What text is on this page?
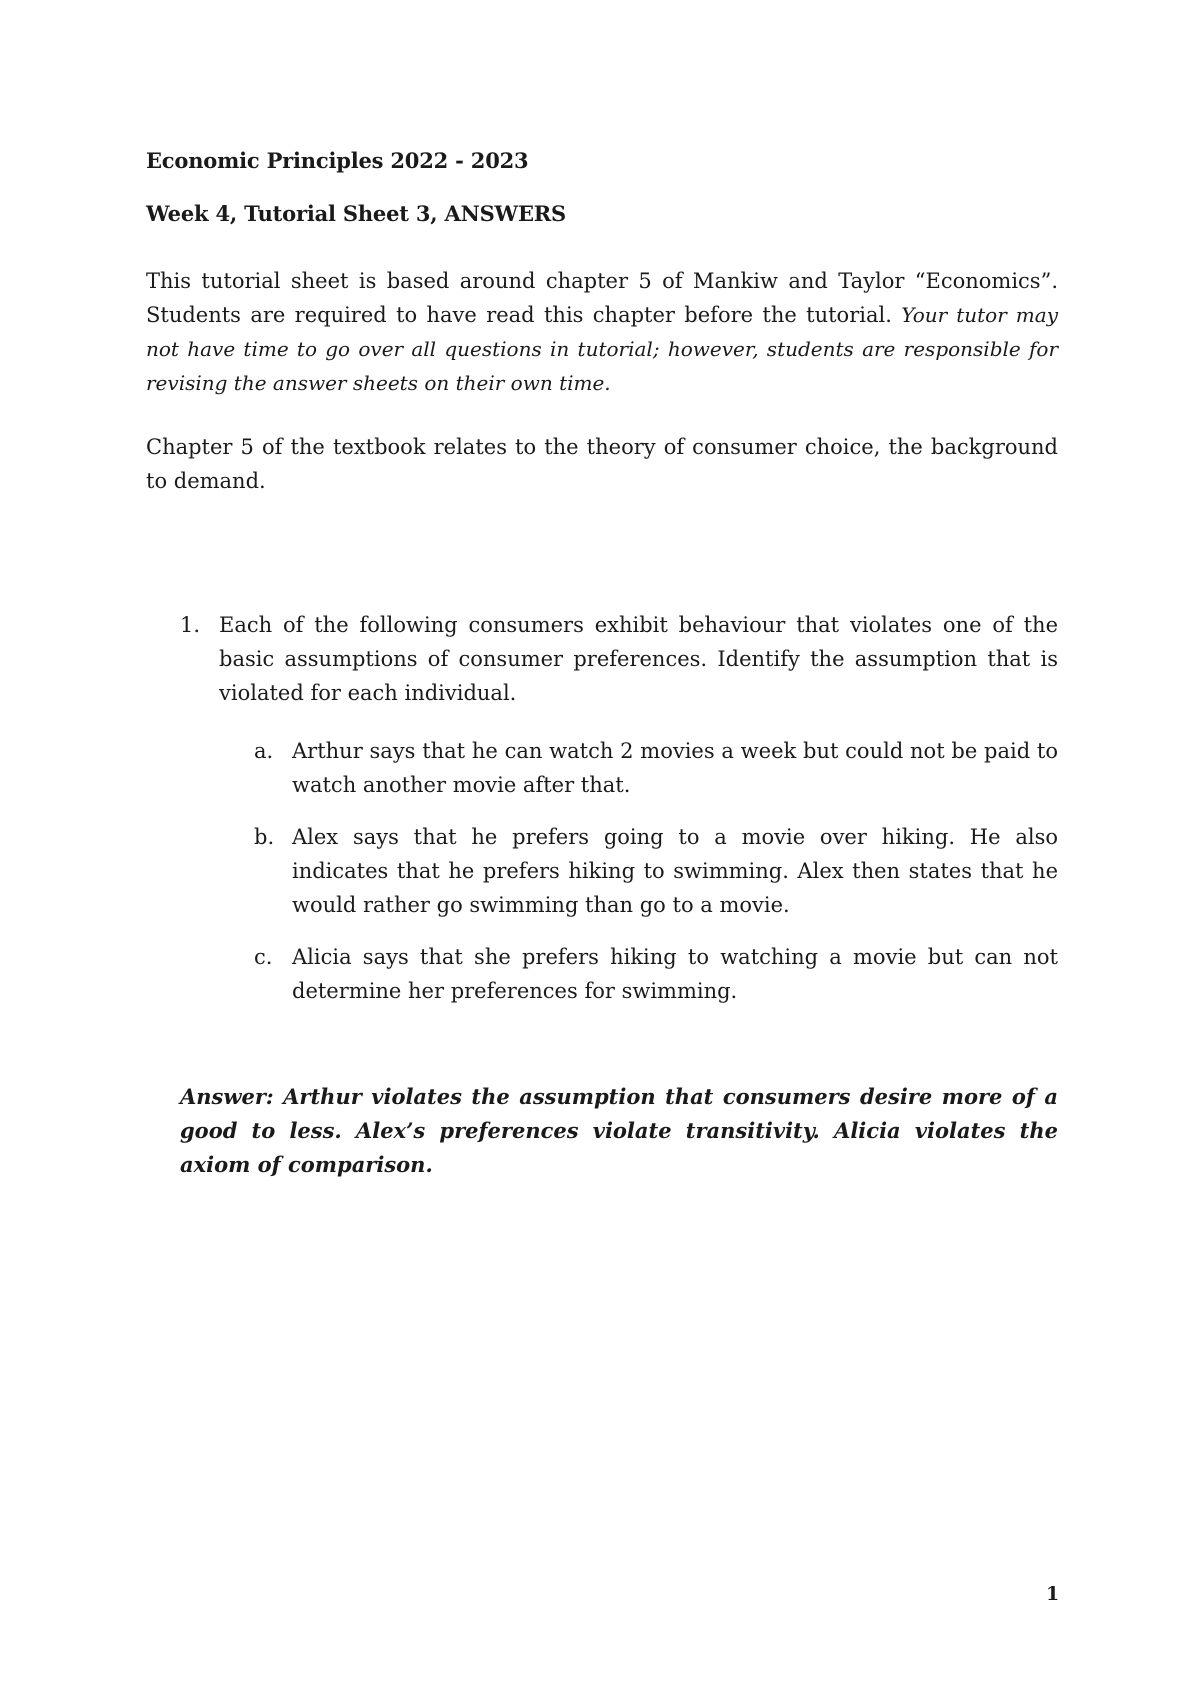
Economic Principles 2022 - 2023
Week 4, Tutorial Sheet 3, ANSWERS
This tutorial sheet is based around chapter 5 of Mankiw and Taylor “Economics”. Students are required to have read this chapter before the tutorial. Your tutor may not have time to go over all questions in tutorial; however, students are responsible for revising the answer sheets on their own time.
Chapter 5 of the textbook relates to the theory of consumer choice, the background to demand.
1. Each of the following consumers exhibit behaviour that violates one of the basic assumptions of consumer preferences. Identify the assumption that is violated for each individual.
a. Arthur says that he can watch 2 movies a week but could not be paid to watch another movie after that.
b. Alex says that he prefers going to a movie over hiking. He also indicates that he prefers hiking to swimming. Alex then states that he would rather go swimming than go to a movie.
c. Alicia says that she prefers hiking to watching a movie but can not determine her preferences for swimming.
Answer: Arthur violates the assumption that consumers desire more of a good to less. Alex’s preferences violate transitivity. Alicia violates the axiom of comparison.
1
